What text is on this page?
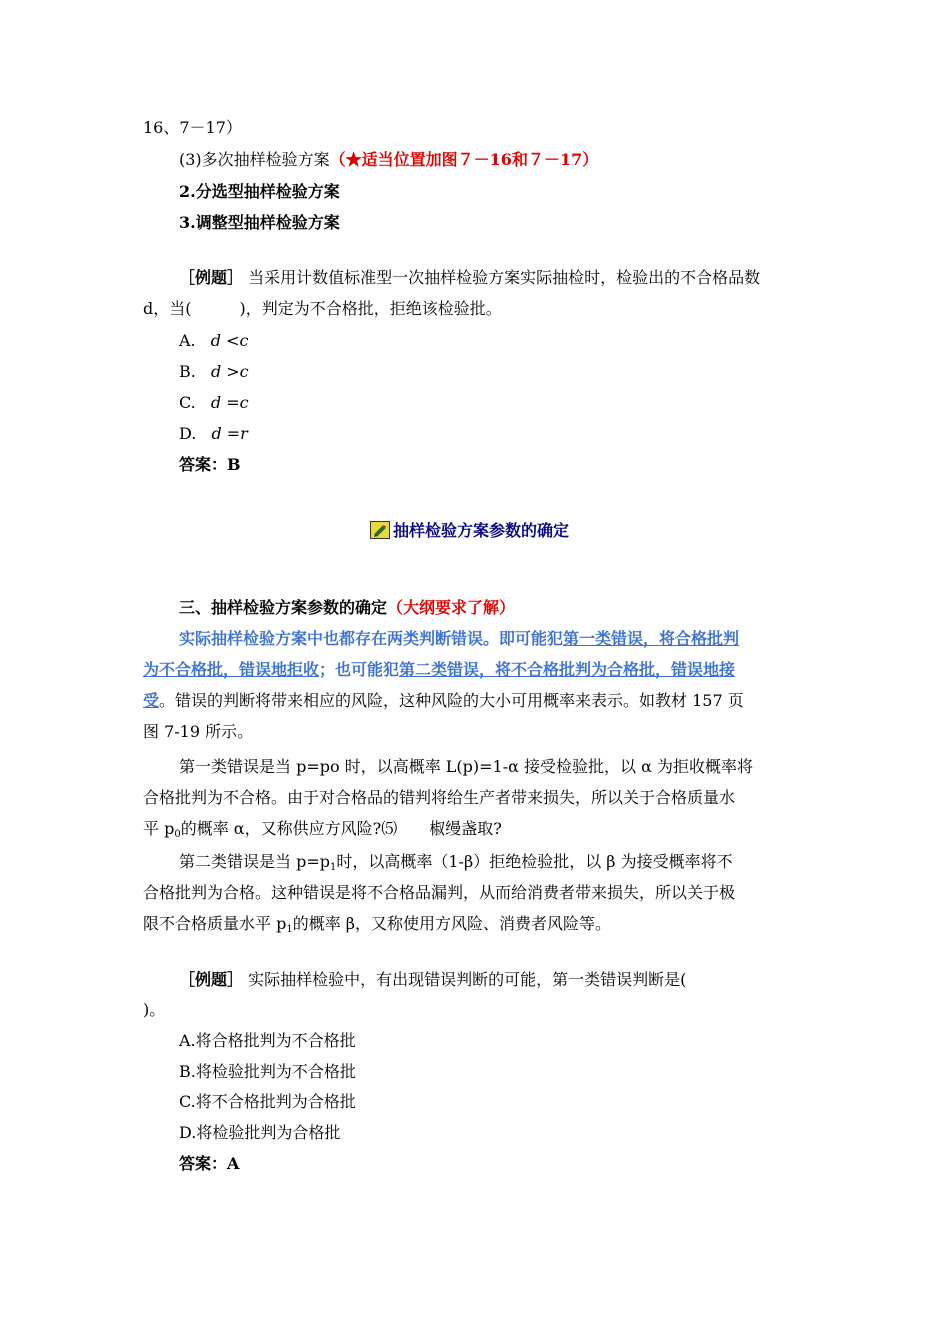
16、7－17）
(3)多次抽样检验方案（★适当位置加图７－16和７－17）
2.分选型抽样检验方案
3.调整型抽样检验方案
［例题］ 当采用计数值标准型一次抽样检验方案实际抽检时，检验出的不合格品数
d，当(　　　)，判定为不合格批，拒绝该检验批。
A. d <c
B. d >c
C. d =c
D. d =r
答案：B
抽样检验方案参数的确定
三、抽样检验方案参数的确定（大纲要求了解）
实际抽样检验方案中也都存在两类判断错误。即可能犯第一类错误，将合格批判
为不合格批，错误地拒收；也可能犯第二类错误，将不合格批判为合格批，错误地接
受。错误的判断将带来相应的风险，这种风险的大小可用概率来表示。如教材 157 页
图 7-19 所示。
第一类错误是当 p=po 时，以高概率 L(p)=1-α 接受检验批，以 α 为拒收概率将
合格批判为不合格。由于对合格品的错判将给生产者带来损失，所以关于合格质量水
平 $p_0$的概率 α，又称供应方风险?⑸　　椒缦盏取?
第二类错误是当 $p=p_1$时，以高概率（1-β）拒绝检验批，以 β 为接受概率将不
合格批判为合格。这种错误是将不合格品漏判，从而给消费者带来损失，所以关于极
限不合格质量水平 $p_1$的概率 β，又称使用方风险、消费者风险等。
［例题］ 实际抽样检验中，有出现错误判断的可能，第一类错误判断是(
)。
A.将合格批判为不合格批
B.将检验批判为不合格批
C.将不合格批判为合格批
D.将检验批判为合格批
答案：A
